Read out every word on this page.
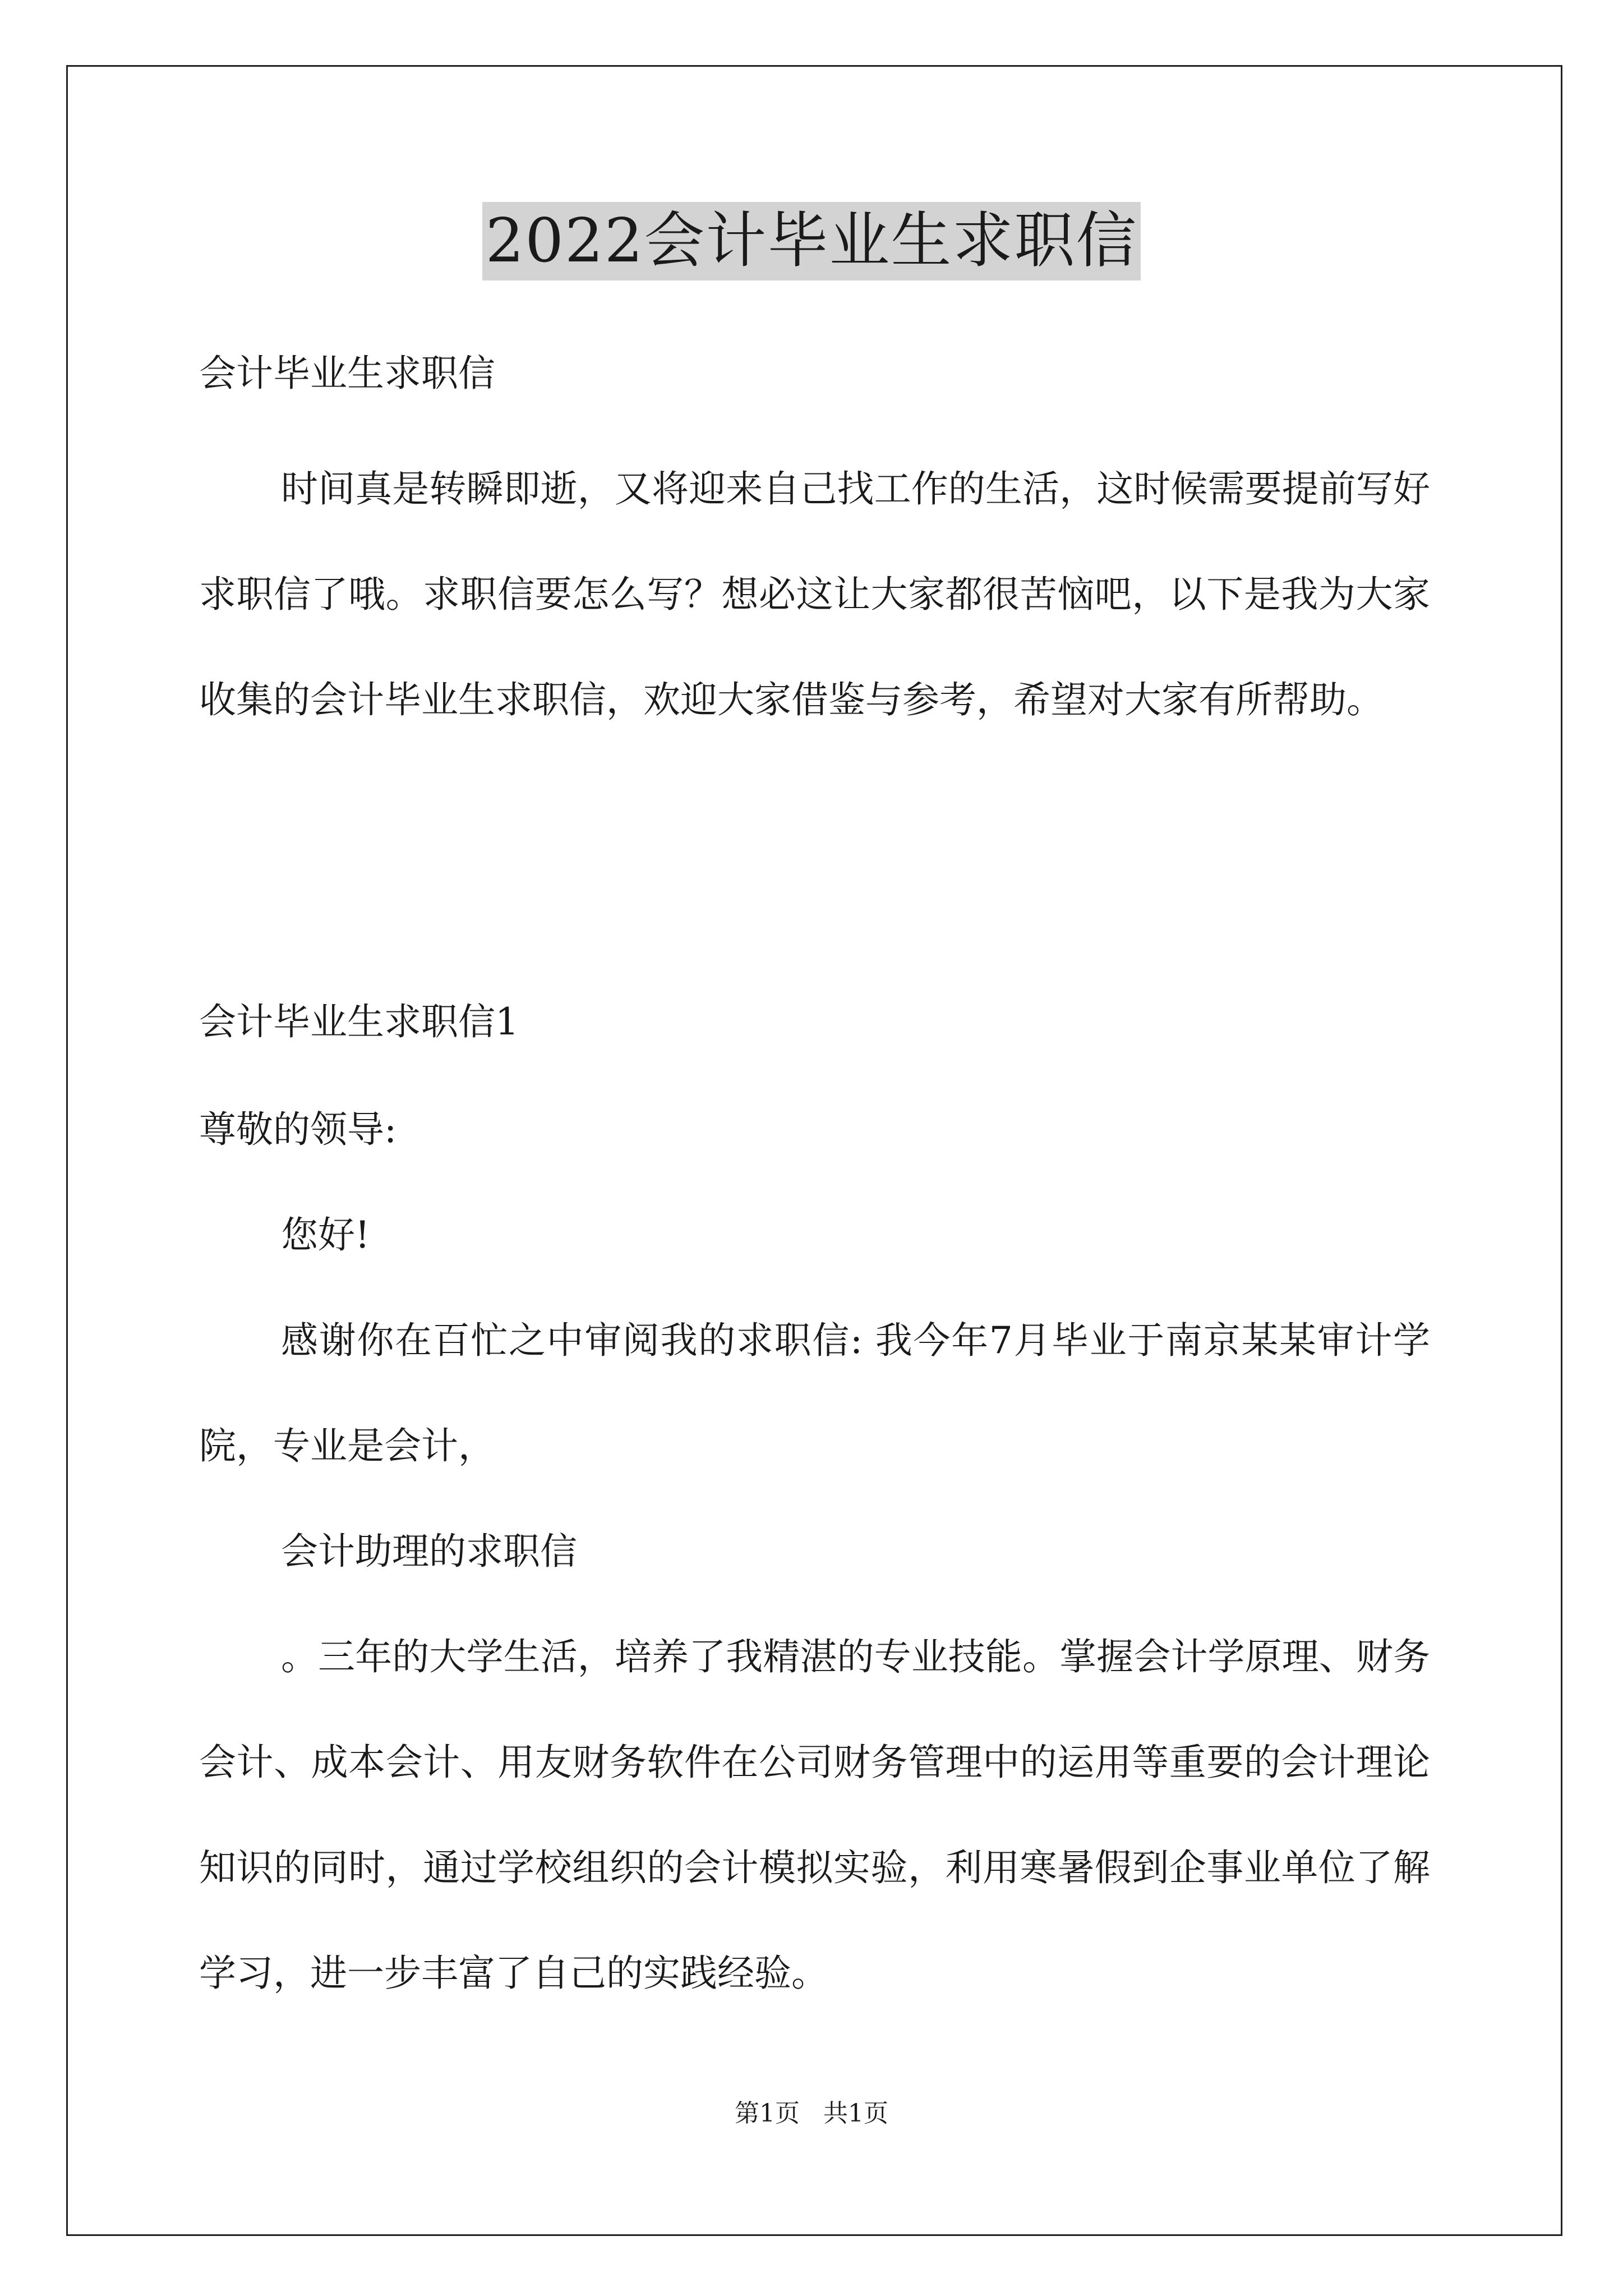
2022会计毕业生求职信
会计毕业生求职信

时间真是转瞬即逝，又将迎来自己找工作的生活，这时候需要提前写好求职信了哦。求职信要怎么写？想必这让大家都很苦恼吧，以下是我为大家收集的会计毕业生求职信，欢迎大家借鉴与参考，希望对大家有所帮助。

会计毕业生求职信1
尊敬的领导:

您好!

感谢你在百忙之中审阅我的求职信: 我今年7月毕业于南京某某审计学院，专业是会计，

会计助理的求职信

。三年的大学生活，培养了我精湛的专业技能。掌握会计学原理、财务会计、成本会计、用友财务软件在公司财务管理中的运用等重要的会计理论知识的同时，通过学校组织的会计模拟实验，利用寒暑假到企事业单位了解学习，进一步丰富了自己的实践经验。

第1页   共1页
